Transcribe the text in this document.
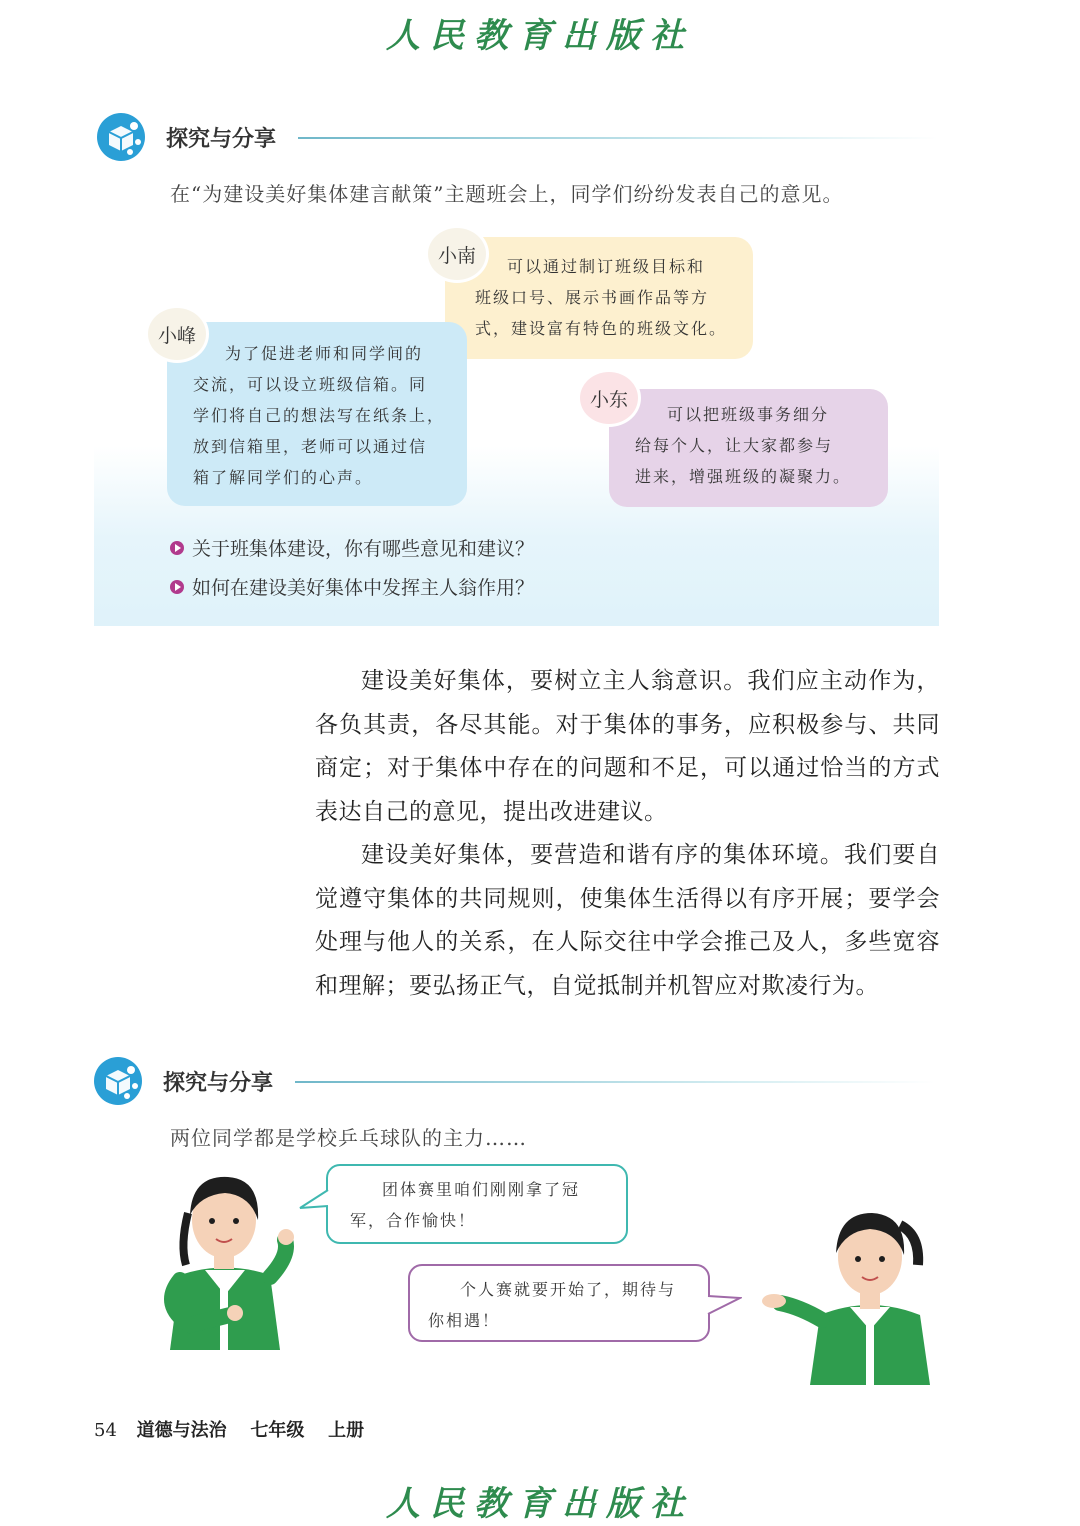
人民教育出版社
探究与分享
在“为建设美好集体建言献策”主题班会上，同学们纷纷发表自己的意见。
可以通过制订班级目标和
班级口号、展示书画作品等方
式，建设富有特色的班级文化。
小南
为了促进老师和同学间的
交流，可以设立班级信箱。同
学们将自己的想法写在纸条上，
放到信箱里，老师可以通过信
箱了解同学们的心声。
小峰
可以把班级事务细分
给每个人，让大家都参与
进来，增强班级的凝聚力。
小东
关于班集体建设，你有哪些意见和建议？
如何在建设美好集体中发挥主人翁作用？

建设美好集体，要树立主人翁意识。我们应主动作为，各负其责，各尽其能。对于集体的事务，应积极参与、共同商定；对于集体中存在的问题和不足，可以通过恰当的方式表达自己的意见，提出改进建议。

建设美好集体，要营造和谐有序的集体环境。我们要自觉遵守集体的共同规则，使集体生活得以有序开展；要学会处理与他人的关系，在人际交往中学会推己及人，多些宽容和理解；要弘扬正气，自觉抵制并机智应对欺凌行为。

探究与分享
两位同学都是学校乒乓球队的主力……
团体赛里咱们刚刚拿了冠
军，合作愉快！
个人赛就要开始了，期待与
你相遇！
54 道德与法治 七年级 上册
人民教育出版社
